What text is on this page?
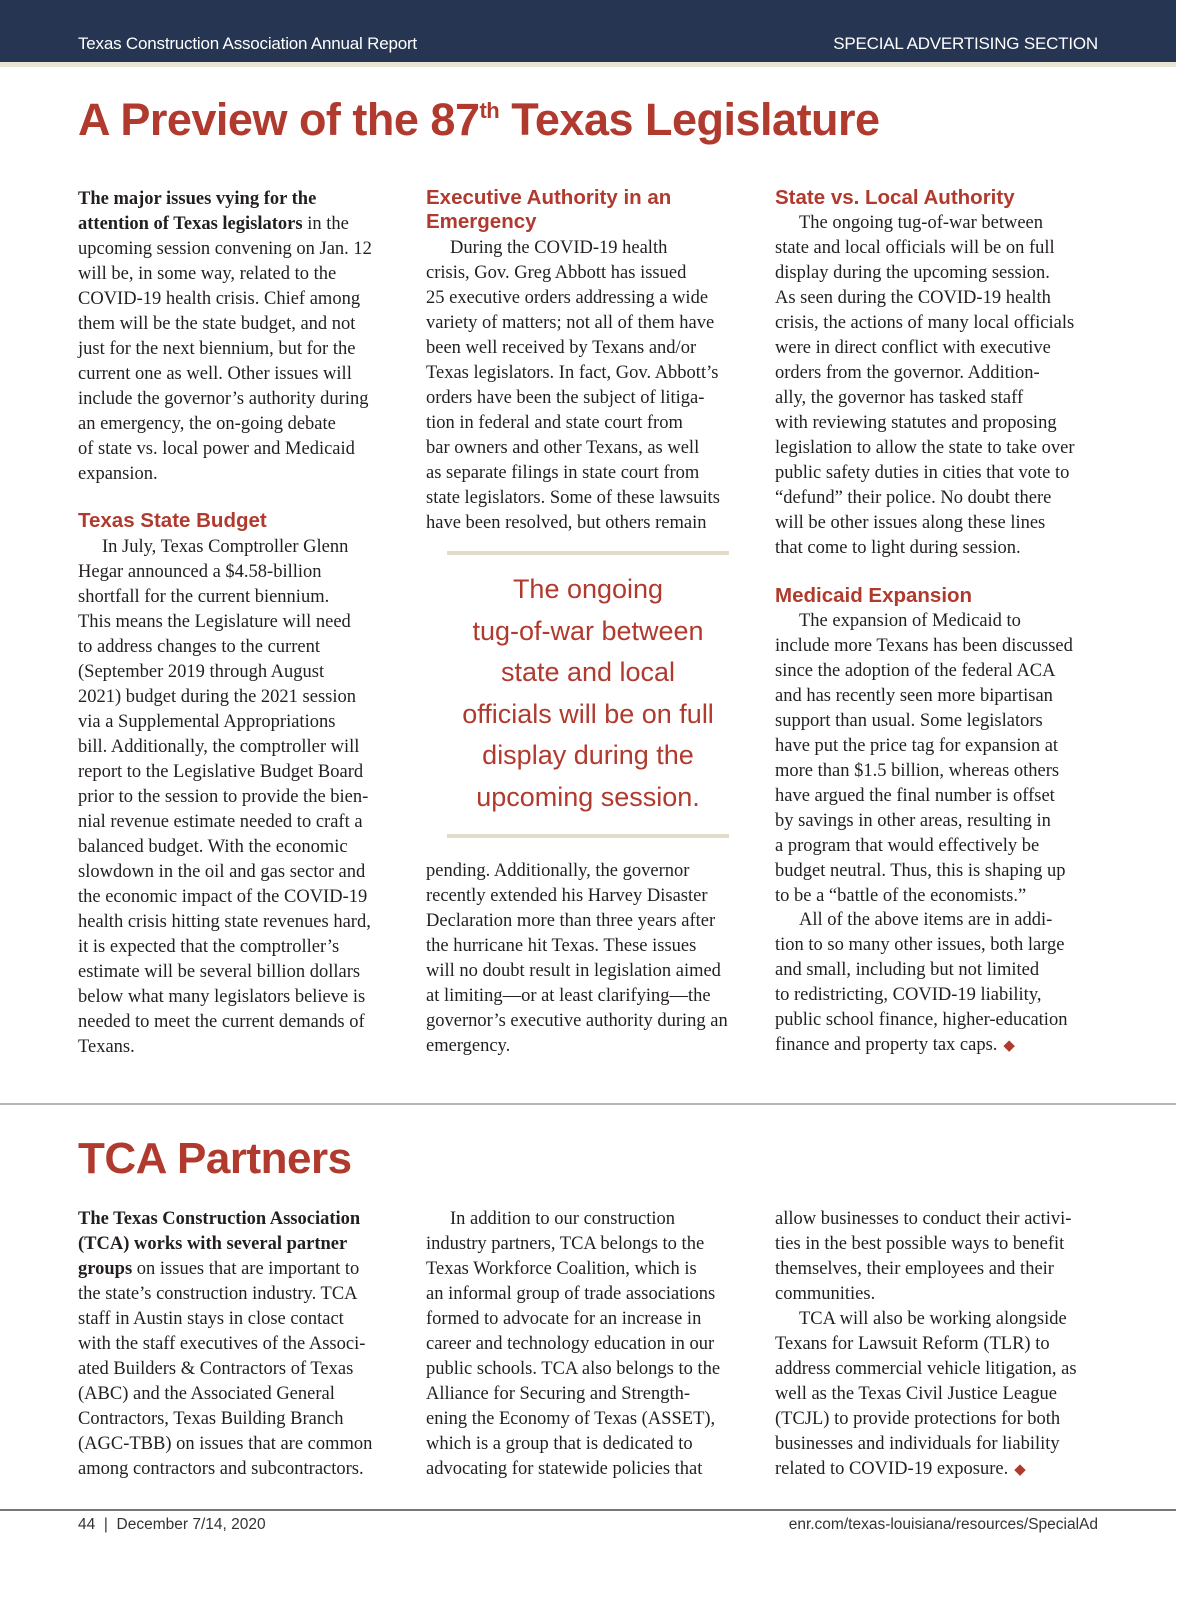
Texas Construction Association Annual Report	SPECIAL ADVERTISING SECTION
A Preview of the 87th Texas Legislature
The major issues vying for the
attention of Texas legislators in the
upcoming session convening on Jan. 12
will be, in some way, related to the
COVID-19 health crisis. Chief among
them will be the state budget, and not
just for the next biennium, but for the
current one as well. Other issues will
include the governor’s authority during
an emergency, the on-going debate
of state vs. local power and Medicaid
expansion.
Texas State Budget
In July, Texas Comptroller Glenn
Hegar announced a $4.58-billion
shortfall for the current biennium.
This means the Legislature will need
to address changes to the current
(September 2019 through August
2021) budget during the 2021 session
via a Supplemental Appropriations
bill. Additionally, the comptroller will
report to the Legislative Budget Board
prior to the session to provide the bien-
nial revenue estimate needed to craft a
balanced budget. With the economic
slowdown in the oil and gas sector and
the economic impact of the COVID-19
health crisis hitting state revenues hard,
it is expected that the comptroller’s
estimate will be several billion dollars
below what many legislators believe is
needed to meet the current demands of
Texans.
Executive Authority in an
Emergency
During the COVID-19 health
crisis, Gov. Greg Abbott has issued
25 executive orders addressing a wide
variety of matters; not all of them have
been well received by Texans and/or
Texas legislators. In fact, Gov. Abbott’s
orders have been the subject of litiga-
tion in federal and state court from
bar owners and other Texans, as well
as separate filings in state court from
state legislators. Some of these lawsuits
have been resolved, but others remain
The ongoing
tug-of-war between
state and local
officials will be on full
display during the
upcoming session.
pending. Additionally, the governor
recently extended his Harvey Disaster
Declaration more than three years after
the hurricane hit Texas. These issues
will no doubt result in legislation aimed
at limiting—or at least clarifying—the
governor’s executive authority during an
emergency.
State vs. Local Authority
The ongoing tug-of-war between
state and local officials will be on full
display during the upcoming session.
As seen during the COVID-19 health
crisis, the actions of many local officials
were in direct conflict with executive
orders from the governor. Addition-
ally, the governor has tasked staff
with reviewing statutes and proposing
legislation to allow the state to take over
public safety duties in cities that vote to
“defund” their police. No doubt there
will be other issues along these lines
that come to light during session.
Medicaid Expansion
The expansion of Medicaid to
include more Texans has been discussed
since the adoption of the federal ACA
and has recently seen more bipartisan
support than usual. Some legislators
have put the price tag for expansion at
more than $1.5 billion, whereas others
have argued the final number is offset
by savings in other areas, resulting in
a program that would effectively be
budget neutral. Thus, this is shaping up
to be a “battle of the economists.”
All of the above items are in addi-
tion to so many other issues, both large
and small, including but not limited
to redistricting, COVID-19 liability,
public school finance, higher-education
finance and property tax caps. ◆
TCA Partners
The Texas Construction Association
(TCA) works with several partner
groups on issues that are important to
the state’s construction industry. TCA
staff in Austin stays in close contact
with the staff executives of the Associ-
ated Builders & Contractors of Texas
(ABC) and the Associated General
Contractors, Texas Building Branch
(AGC-TBB) on issues that are common
among contractors and subcontractors.
In addition to our construction
industry partners, TCA belongs to the
Texas Workforce Coalition, which is
an informal group of trade associations
formed to advocate for an increase in
career and technology education in our
public schools. TCA also belongs to the
Alliance for Securing and Strength-
ening the Economy of Texas (ASSET),
which is a group that is dedicated to
advocating for statewide policies that
allow businesses to conduct their activi-
ties in the best possible ways to benefit
themselves, their employees and their
communities.
TCA will also be working alongside
Texans for Lawsuit Reform (TLR) to
address commercial vehicle litigation, as
well as the Texas Civil Justice League
(TCJL) to provide protections for both
businesses and individuals for liability
related to COVID-19 exposure. ◆
44 | December 7/14, 2020	enr.com/texas-louisiana/resources/SpecialAd
